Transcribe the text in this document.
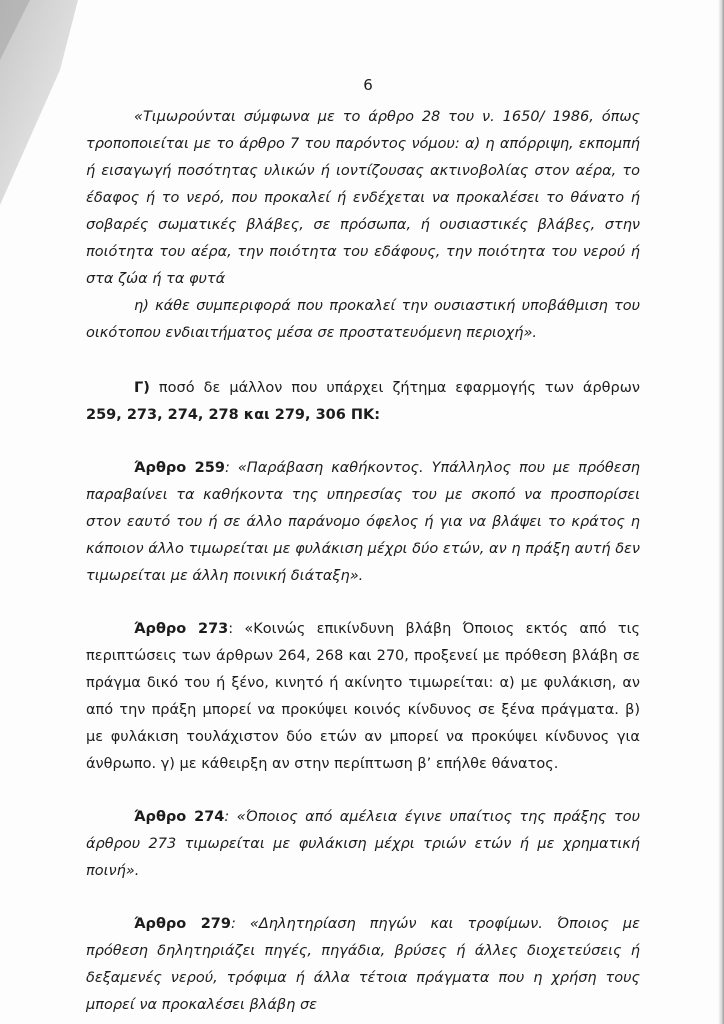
6

«Τιμωρούνται σύμφωνα με το άρθρο 28 του ν. 1650/ 1986, όπως τροποποιείται με το άρθρο 7 του παρόντος νόμου: α) η απόρριψη, εκπομπή ή εισαγωγή ποσότητας υλικών ή ιοντίζουσας ακτινοβολίας στον αέρα, το έδαφος ή το νερό, που προκαλεί ή ενδέχεται να προκαλέσει το θάνατο ή σοβαρές σωματικές βλάβες, σε πρόσωπα, ή ουσιαστικές βλάβες, στην ποιότητα του αέρα, την ποιότητα του εδάφους, την ποιότητα του νερού ή στα ζώα ή τα φυτά

η) κάθε συμπεριφορά που προκαλεί την ουσιαστική υποβάθμιση του οικότοπου ενδιαιτήματος μέσα σε προστατευόμενη περιοχή».

Γ) ποσό δε μάλλον που υπάρχει ζήτημα εφαρμογής των άρθρων 259, 273, 274, 278 και 279, 306 ΠΚ:

Άρθρο 259: «Παράβαση καθήκοντος. Υπάλληλος που με πρόθεση παραβαίνει τα καθήκοντα της υπηρεσίας του με σκοπό να προσπορίσει στον εαυτό του ή σε άλλο παράνομο όφελος ή για να βλάψει το κράτος η κάποιον άλλο τιμωρείται με φυλάκιση μέχρι δύο ετών, αν η πράξη αυτή δεν τιμωρείται με άλλη ποινική διάταξη».

Άρθρο 273: «Κοινώς επικίνδυνη βλάβη Όποιος εκτός από τις περιπτώσεις των άρθρων 264, 268 και 270, προξενεί με πρόθεση βλάβη σε πράγμα δικό του ή ξένο, κινητό ή ακίνητο τιμωρείται: α) με φυλάκιση, αν από την πράξη μπορεί να προκύψει κοινός κίνδυνος σε ξένα πράγματα. β) με φυλάκιση τουλάχιστον δύο ετών αν μπορεί να προκύψει κίνδυνος για άνθρωπο. γ) με κάθειρξη αν στην περίπτωση β’ επήλθε θάνατος.

Άρθρο 274: «Όποιος από αμέλεια έγινε υπαίτιος της πράξης του άρθρου 273 τιμωρείται με φυλάκιση μέχρι τριών ετών ή με χρηματική ποινή».

Άρθρο 279: «Δηλητηρίαση πηγών και τροφίμων. Όποιος με πρόθεση δηλητηριάζει πηγές, πηγάδια, βρύσες ή άλλες διοχετεύσεις ή δεξαμενές νερού, τρόφιμα ή άλλα τέτοια πράγματα που η χρήση τους μπορεί να προκαλέσει βλάβη σε
